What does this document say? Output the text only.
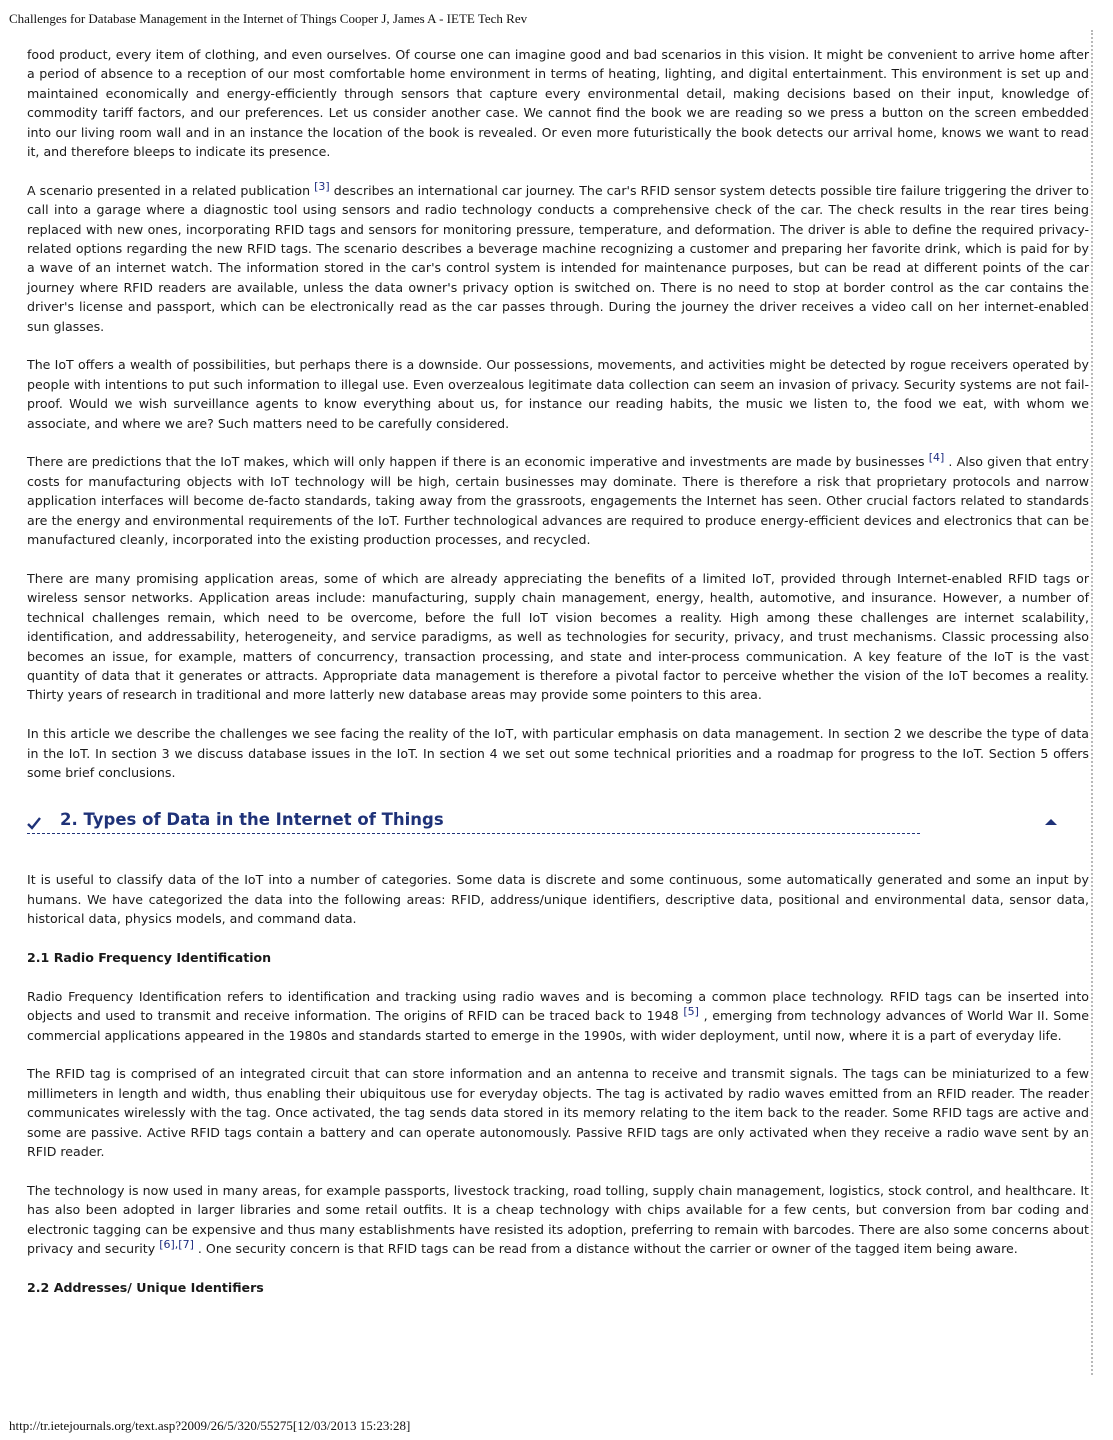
Challenges for Database Management in the Internet of Things Cooper J, James A - IETE Tech Rev

food product, every item of clothing, and even ourselves. Of course one can imagine good and bad scenarios in this vision. It might be convenient to arrive home after a period of absence to a reception of our most comfortable home environment in terms of heating, lighting, and digital entertainment. This environment is set up and maintained economically and energy-efficiently through sensors that capture every environmental detail, making decisions based on their input, knowledge of commodity tariff factors, and our preferences. Let us consider another case. We cannot find the book we are reading so we press a button on the screen embedded into our living room wall and in an instance the location of the book is revealed. Or even more futuristically the book detects our arrival home, knows we want to read it, and therefore bleeps to indicate its presence.

A scenario presented in a related publication [3] describes an international car journey. The car's RFID sensor system detects possible tire failure triggering the driver to call into a garage where a diagnostic tool using sensors and radio technology conducts a comprehensive check of the car. The check results in the rear tires being replaced with new ones, incorporating RFID tags and sensors for monitoring pressure, temperature, and deformation. The driver is able to define the required privacy-related options regarding the new RFID tags. The scenario describes a beverage machine recognizing a customer and preparing her favorite drink, which is paid for by a wave of an internet watch. The information stored in the car's control system is intended for maintenance purposes, but can be read at different points of the car journey where RFID readers are available, unless the data owner's privacy option is switched on. There is no need to stop at border control as the car contains the driver's license and passport, which can be electronically read as the car passes through. During the journey the driver receives a video call on her internet-enabled sun glasses.

The IoT offers a wealth of possibilities, but perhaps there is a downside. Our possessions, movements, and activities might be detected by rogue receivers operated by people with intentions to put such information to illegal use. Even overzealous legitimate data collection can seem an invasion of privacy. Security systems are not fail-proof. Would we wish surveillance agents to know everything about us, for instance our reading habits, the music we listen to, the food we eat, with whom we associate, and where we are? Such matters need to be carefully considered.

There are predictions that the IoT makes, which will only happen if there is an economic imperative and investments are made by businesses [4] . Also given that entry costs for manufacturing objects with IoT technology will be high, certain businesses may dominate. There is therefore a risk that proprietary protocols and narrow application interfaces will become de-facto standards, taking away from the grassroots, engagements the Internet has seen. Other crucial factors related to standards are the energy and environmental requirements of the IoT. Further technological advances are required to produce energy-efficient devices and electronics that can be manufactured cleanly, incorporated into the existing production processes, and recycled.

There are many promising application areas, some of which are already appreciating the benefits of a limited IoT, provided through Internet-enabled RFID tags or wireless sensor networks. Application areas include: manufacturing, supply chain management, energy, health, automotive, and insurance. However, a number of technical challenges remain, which need to be overcome, before the full IoT vision becomes a reality. High among these challenges are internet scalability, identification, and addressability, heterogeneity, and service paradigms, as well as technologies for security, privacy, and trust mechanisms. Classic processing also becomes an issue, for example, matters of concurrency, transaction processing, and state and inter-process communication. A key feature of the IoT is the vast quantity of data that it generates or attracts. Appropriate data management is therefore a pivotal factor to perceive whether the vision of the IoT becomes a reality. Thirty years of research in traditional and more latterly new database areas may provide some pointers to this area.

In this article we describe the challenges we see facing the reality of the IoT, with particular emphasis on data management. In section 2 we describe the type of data in the IoT. In section 3 we discuss database issues in the IoT. In section 4 we set out some technical priorities and a roadmap for progress to the IoT. Section 5 offers some brief conclusions.

2. Types of Data in the Internet of Things

It is useful to classify data of the IoT into a number of categories. Some data is discrete and some continuous, some automatically generated and some an input by humans. We have categorized the data into the following areas: RFID, address/unique identifiers, descriptive data, positional and environmental data, sensor data, historical data, physics models, and command data.

2.1 Radio Frequency Identification

Radio Frequency Identification refers to identification and tracking using radio waves and is becoming a common place technology. RFID tags can be inserted into objects and used to transmit and receive information. The origins of RFID can be traced back to 1948 [5] , emerging from technology advances of World War II. Some commercial applications appeared in the 1980s and standards started to emerge in the 1990s, with wider deployment, until now, where it is a part of everyday life.

The RFID tag is comprised of an integrated circuit that can store information and an antenna to receive and transmit signals. The tags can be miniaturized to a few millimeters in length and width, thus enabling their ubiquitous use for everyday objects. The tag is activated by radio waves emitted from an RFID reader. The reader communicates wirelessly with the tag. Once activated, the tag sends data stored in its memory relating to the item back to the reader. Some RFID tags are active and some are passive. Active RFID tags contain a battery and can operate autonomously. Passive RFID tags are only activated when they receive a radio wave sent by an RFID reader.

The technology is now used in many areas, for example passports, livestock tracking, road tolling, supply chain management, logistics, stock control, and healthcare. It has also been adopted in larger libraries and some retail outfits. It is a cheap technology with chips available for a few cents, but conversion from bar coding and electronic tagging can be expensive and thus many establishments have resisted its adoption, preferring to remain with barcodes. There are also some concerns about privacy and security [6],[7] . One security concern is that RFID tags can be read from a distance without the carrier or owner of the tagged item being aware.

2.2 Addresses/ Unique Identifiers
http://tr.ietejournals.org/text.asp?2009/26/5/320/55275[12/03/2013 15:23:28]
